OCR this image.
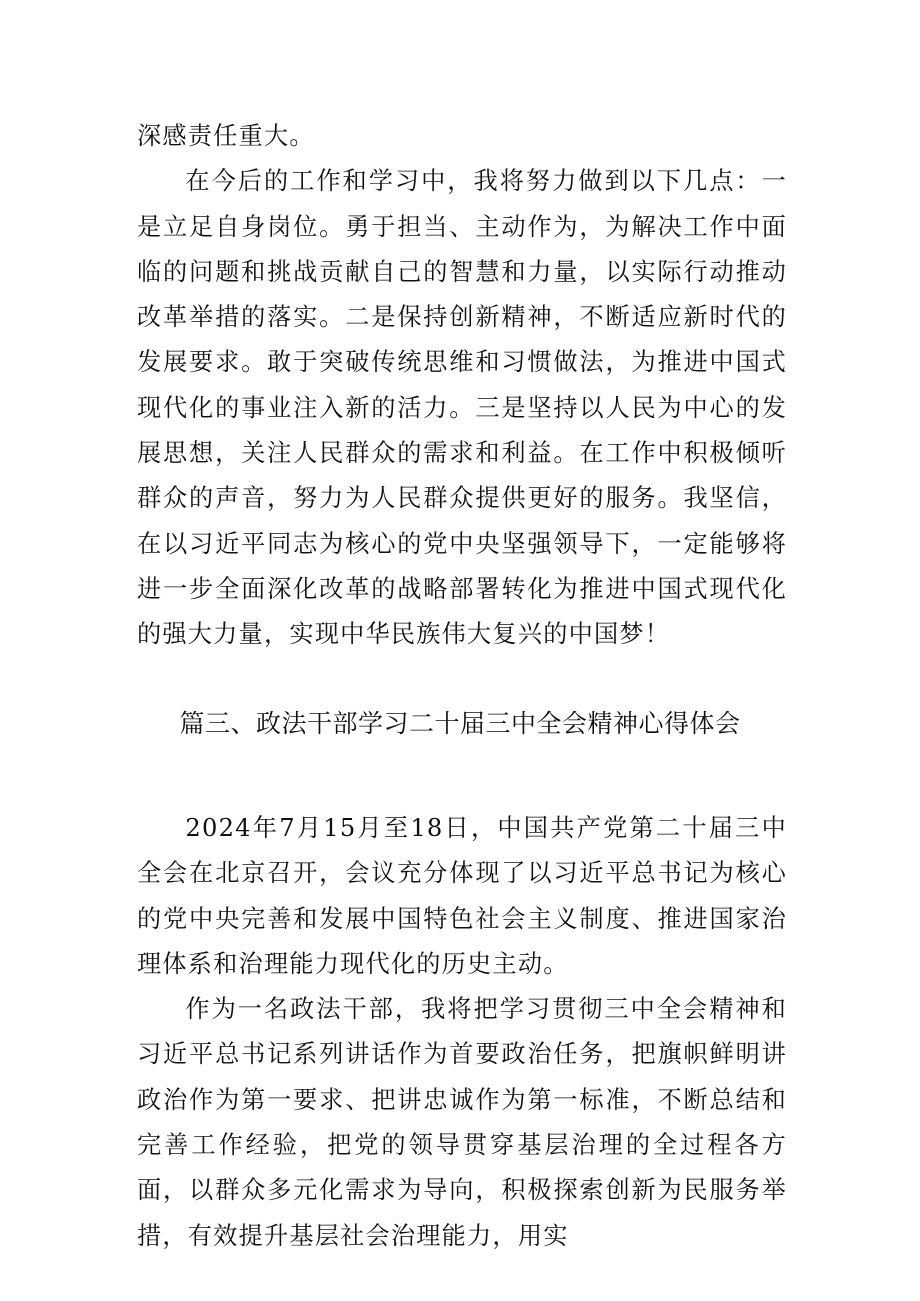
深感责任重大。

在今后的工作和学习中，我将努力做到以下几点：一是立足自身岗位。勇于担当、主动作为，为解决工作中面临的问题和挑战贡献自己的智慧和力量，以实际行动推动改革举措的落实。二是保持创新精神，不断适应新时代的发展要求。敢于突破传统思维和习惯做法，为推进中国式现代化的事业注入新的活力。三是坚持以人民为中心的发展思想，关注人民群众的需求和利益。在工作中积极倾听群众的声音，努力为人民群众提供更好的服务。我坚信，在以习近平同志为核心的党中央坚强领导下，一定能够将进一步全面深化改革的战略部署转化为推进中国式现代化的强大力量，实现中华民族伟大复兴的中国梦！

篇三、政法干部学习二十届三中全会精神心得体会

2024年7月15月至18日，中国共产党第二十届三中全会在北京召开，会议充分体现了以习近平总书记为核心的党中央完善和发展中国特色社会主义制度、推进国家治理体系和治理能力现代化的历史主动。

作为一名政法干部，我将把学习贯彻三中全会精神和习近平总书记系列讲话作为首要政治任务，把旗帜鲜明讲政治作为第一要求、把讲忠诚作为第一标准，不断总结和完善工作经验，把党的领导贯穿基层治理的全过程各方面，以群众多元化需求为导向，积极探索创新为民服务举措，有效提升基层社会治理能力，用实
